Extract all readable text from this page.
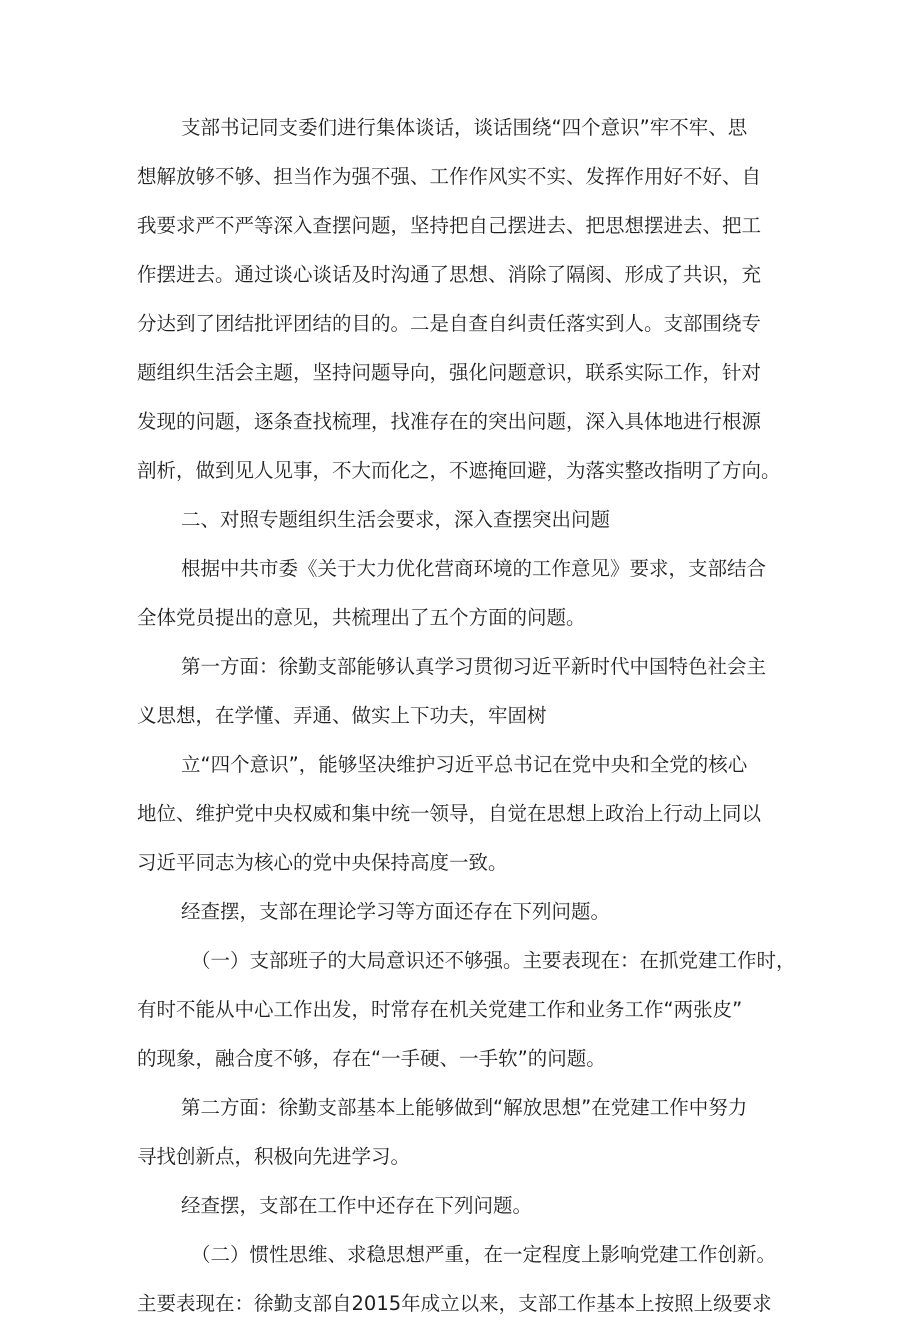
支部书记同支委们进行集体谈话，谈话围绕“四个意识”牢不牢、思
想解放够不够、担当作为强不强、工作作风实不实、发挥作用好不好、自
我要求严不严等深入查摆问题，坚持把自己摆进去、把思想摆进去、把工
作摆进去。通过谈心谈话及时沟通了思想、消除了隔阂、形成了共识，充
分达到了团结批评团结的目的。二是自查自纠责任落实到人。支部围绕专
题组织生活会主题，坚持问题导向，强化问题意识，联系实际工作，针对
发现的问题，逐条查找梳理，找准存在的突出问题，深入具体地进行根源
剖析，做到见人见事，不大而化之，不遮掩回避，为落实整改指明了方向。
二、对照专题组织生活会要求，深入查摆突出问题
根据中共市委《关于大力优化营商环境的工作意见》要求，支部结合
全体党员提出的意见，共梳理出了五个方面的问题。
第一方面：徐勤支部能够认真学习贯彻习近平新时代中国特色社会主
义思想，在学懂、弄通、做实上下功夫，牢固树
立“四个意识”，能够坚决维护习近平总书记在党中央和全党的核心
地位、维护党中央权威和集中统一领导，自觉在思想上政治上行动上同以
习近平同志为核心的党中央保持高度一致。
经查摆，支部在理论学习等方面还存在下列问题。
（一）支部班子的大局意识还不够强。主要表现在：在抓党建工作时，
有时不能从中心工作出发，时常存在机关党建工作和业务工作“两张皮”
的现象，融合度不够，存在“一手硬、一手软”的问题。
第二方面：徐勤支部基本上能够做到“解放思想”在党建工作中努力
寻找创新点，积极向先进学习。
经查摆，支部在工作中还存在下列问题。
（二）惯性思维、求稳思想严重，在一定程度上影响党建工作创新。
主要表现在：徐勤支部自2015年成立以来，支部工作基本上按照上级要求
